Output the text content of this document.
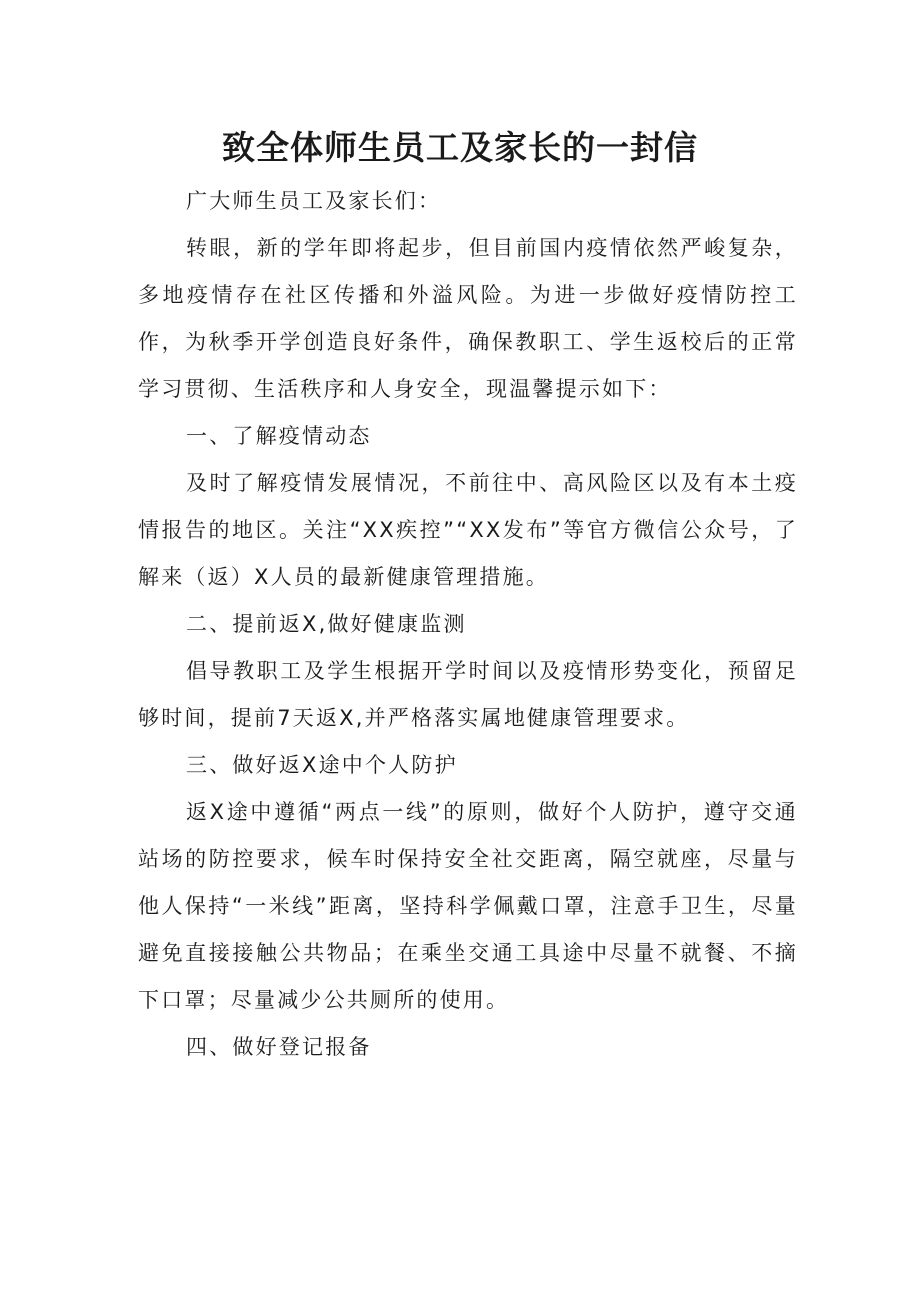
致全体师生员工及家长的一封信

广大师生员工及家长们：

转眼，新的学年即将起步，但目前国内疫情依然严峻复杂，多地疫情存在社区传播和外溢风险。为进一步做好疫情防控工作，为秋季开学创造良好条件，确保教职工、学生返校后的正常学习贯彻、生活秩序和人身安全，现温馨提示如下：

一、了解疫情动态

及时了解疫情发展情况，不前往中、高风险区以及有本土疫情报告的地区。关注“XX疾控”“XX发布”等官方微信公众号，了解来（返）X人员的最新健康管理措施。

二、提前返X,做好健康监测

倡导教职工及学生根据开学时间以及疫情形势变化，预留足够时间，提前7天返X,并严格落实属地健康管理要求。

三、做好返X途中个人防护

返X途中遵循“两点一线”的原则，做好个人防护，遵守交通站场的防控要求，候车时保持安全社交距离，隔空就座，尽量与他人保持“一米线”距离，坚持科学佩戴口罩，注意手卫生，尽量避免直接接触公共物品；在乘坐交通工具途中尽量不就餐、不摘下口罩；尽量减少公共厕所的使用。

四、做好登记报备
